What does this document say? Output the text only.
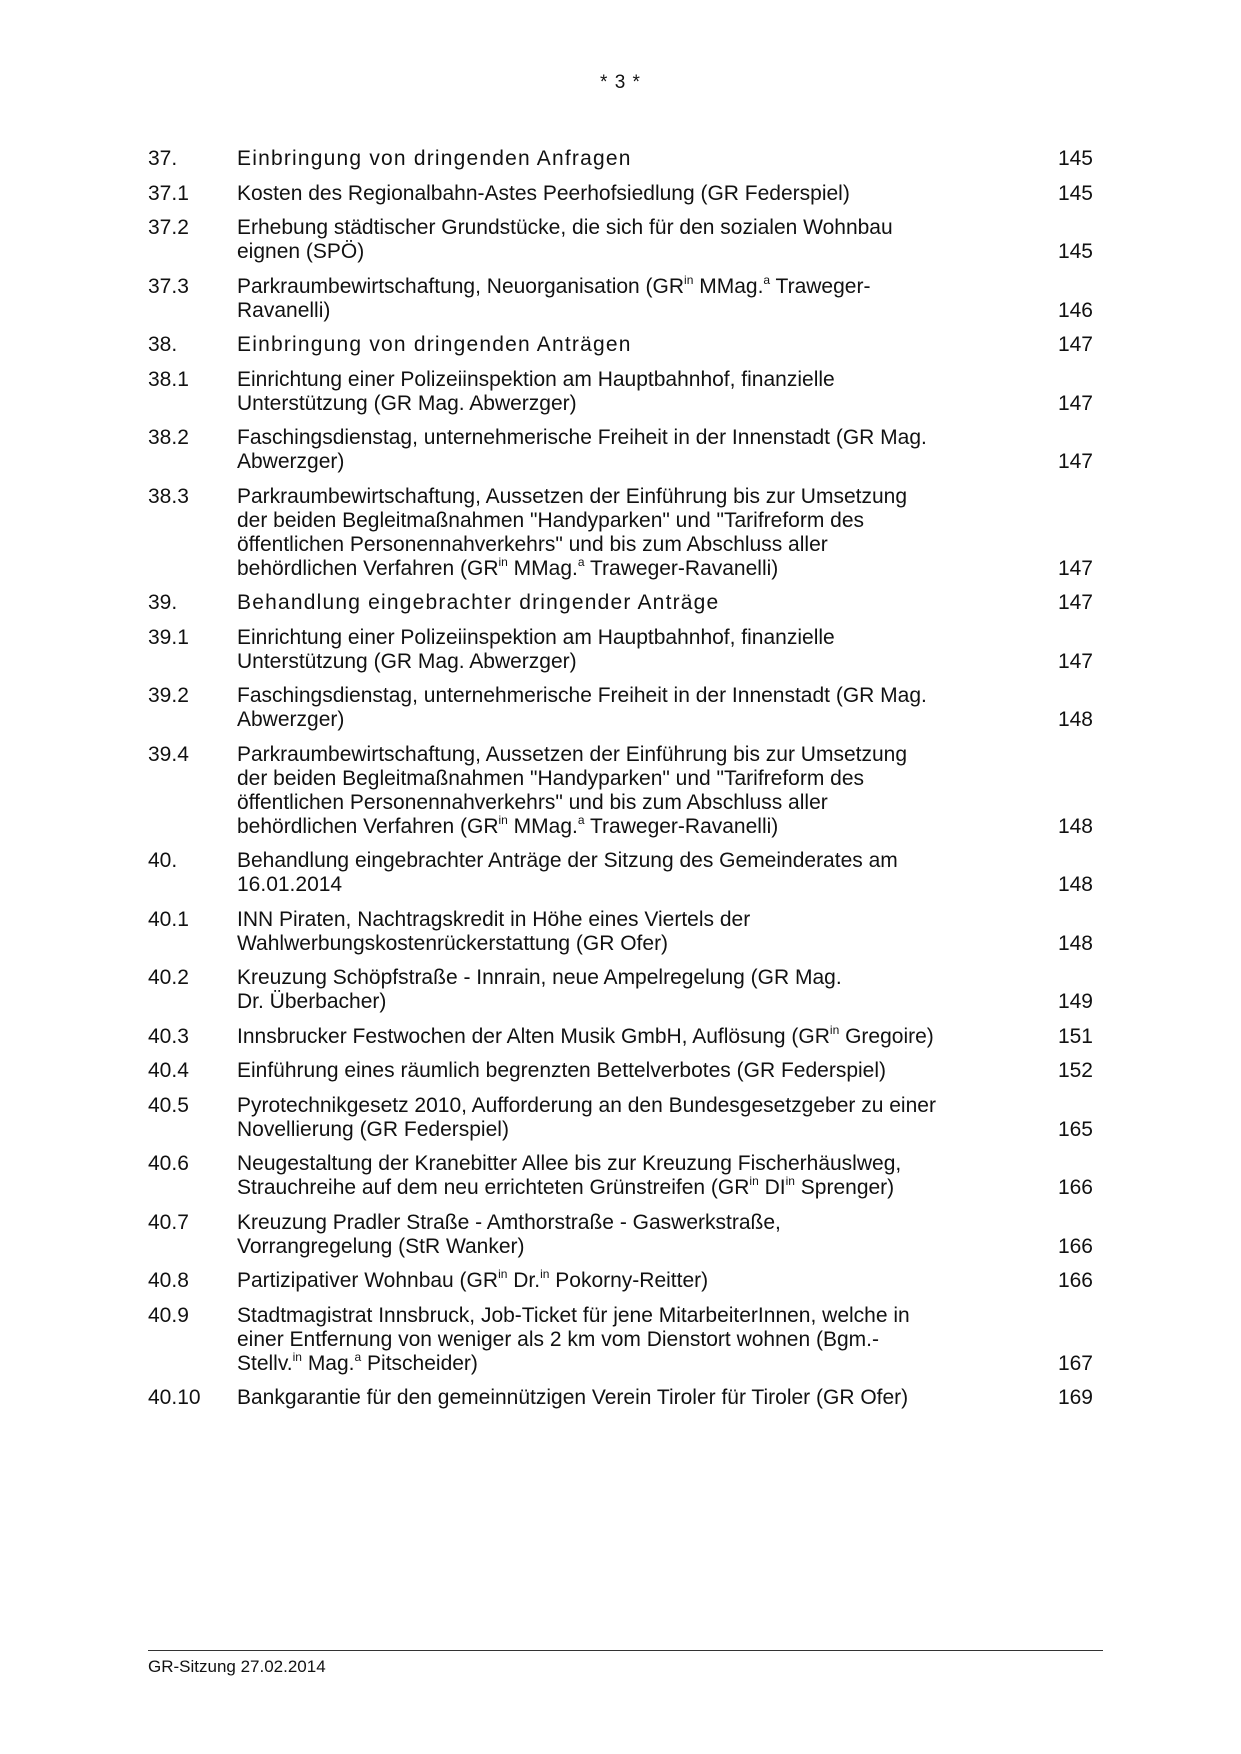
* 3 *
37.	Einbringung von dringenden Anfragen	145
37.1 Kosten des Regionalbahn-Astes Peerhofsiedlung (GR Federspiel)	145
37.2 Erhebung städtischer Grundstücke, die sich für den sozialen Wohnbau
eignen (SPÖ)	145
37.3 Parkraumbewirtschaftung, Neuorganisation ($GR^{in}$ MMag.$^a$ Traweger-
Ravanelli)	146
38.	Einbringung von dringenden Anträgen	147
38.1 Einrichtung einer Polizeiinspektion am Hauptbahnhof, finanzielle
Unterstützung (GR Mag. Abwerzger)	147
38.2 Faschingsdienstag, unternehmerische Freiheit in der Innenstadt (GR Mag.
Abwerzger)	147
38.3 Parkraumbewirtschaftung, Aussetzen der Einführung bis zur Umsetzung
der beiden Begleitmaßnahmen "Handyparken" und "Tarifreform des
öffentlichen Personennahverkehrs" und bis zum Abschluss aller
behördlichen Verfahren ($GR^{in}$ MMag.$^a$ Traweger-Ravanelli)	147
39.	Behandlung eingebrachter dringender Anträge	147
39.1 Einrichtung einer Polizeiinspektion am Hauptbahnhof, finanzielle
Unterstützung (GR Mag. Abwerzger)	147
39.2 Faschingsdienstag, unternehmerische Freiheit in der Innenstadt (GR Mag.
Abwerzger)	148
39.4 Parkraumbewirtschaftung, Aussetzen der Einführung bis zur Umsetzung
der beiden Begleitmaßnahmen "Handyparken" und "Tarifreform des
öffentlichen Personennahverkehrs" und bis zum Abschluss aller
behördlichen Verfahren ($GR^{in}$ MMag.$^a$ Traweger-Ravanelli)	148
40.	Behandlung eingebrachter Anträge der Sitzung des Gemeinderates am
16.01.2014	148
40.1 INN Piraten, Nachtragskredit in Höhe eines Viertels der
Wahlwerbungskostenrückerstattung (GR Ofer)	148
40.2 Kreuzung Schöpfstraße - Innrain, neue Ampelregelung (GR Mag.
Dr. Überbacher)	149
40.3 Innsbrucker Festwochen der Alten Musik GmbH, Auflösung ($GR^{in}$ Gregoire)	151
40.4 Einführung eines räumlich begrenzten Bettelverbotes (GR Federspiel)	152
40.5 Pyrotechnikgesetz 2010, Aufforderung an den Bundesgesetzgeber zu einer
Novellierung (GR Federspiel)	165
40.6 Neugestaltung der Kranebitter Allee bis zur Kreuzung Fischerhäuslweg,
Strauchreihe auf dem neu errichteten Grünstreifen ($GR^{in}$ $DI^{in}$ Sprenger)	166
40.7 Kreuzung Pradler Straße - Amthorstraße - Gaswerkstraße,
Vorrangregelung (StR Wanker)	166
40.8 Partizipativer Wohnbau ($GR^{in}$ Dr.$^{in}$ Pokorny-Reitter)	166
40.9 Stadtmagistrat Innsbruck, Job-Ticket für jene MitarbeiterInnen, welche in
einer Entfernung von weniger als 2 km vom Dienstort wohnen (Bgm.-
Stellv.$^{in}$ Mag.$^a$ Pitscheider)	167
40.10 Bankgarantie für den gemeinnützigen Verein Tiroler für Tiroler (GR Ofer)	169
GR-Sitzung 27.02.2014
